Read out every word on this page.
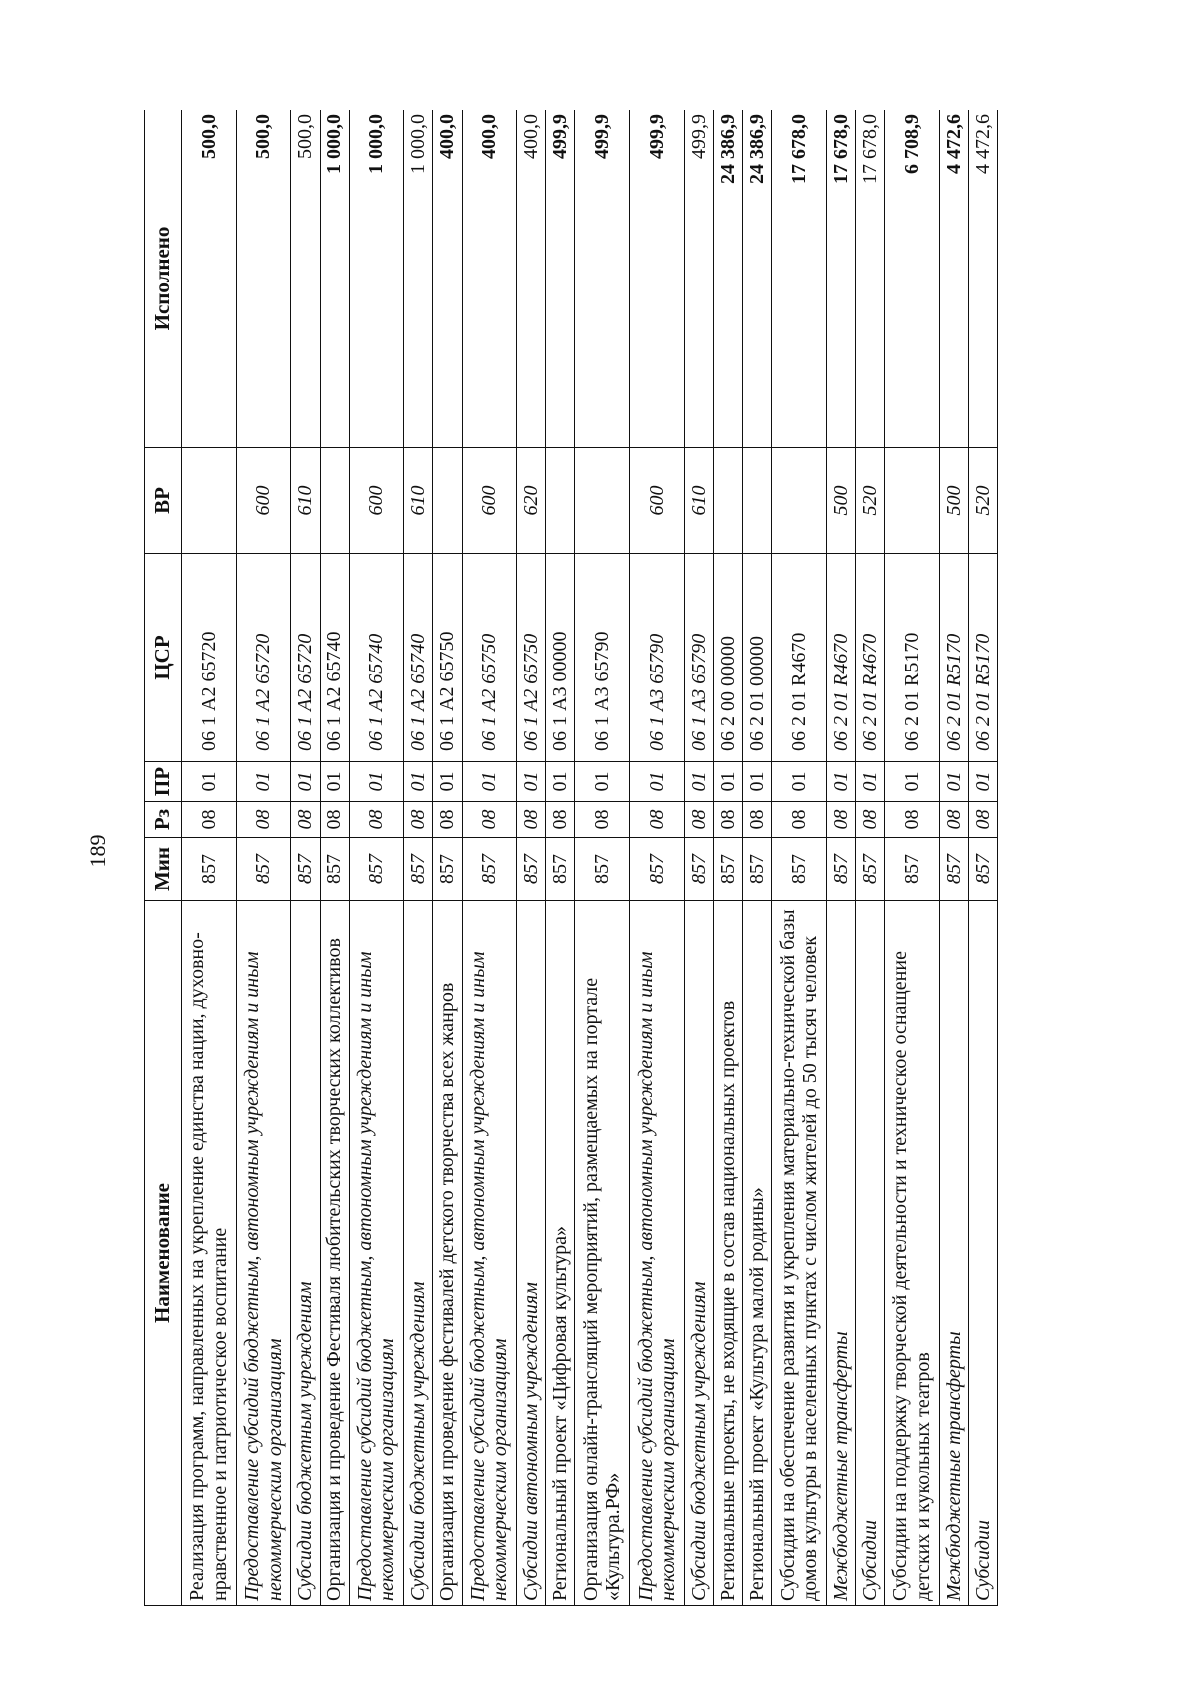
189
Наименование	Мин	Рз	ПР	ЦСР	ВР	Исполнено
Реализация программ, направленных на укрепление единства нации, духовно-нравственное и патриотическое воспитание	857	08	01	06 1 А2 65720		500,0
Предоставление субсидий бюджетным, автономным учреждениям и иным некоммерческим организациям	857	08	01	06 1 А2 65720	600	500,0
Субсидии бюджетным учреждениям	857	08	01	06 1 А2 65720	610	500,0
Организация и проведение Фестиваля любительских творческих коллективов	857	08	01	06 1 А2 65740		1 000,0
Предоставление субсидий бюджетным, автономным учреждениям и иным некоммерческим организациям	857	08	01	06 1 А2 65740	600	1 000,0
Субсидии бюджетным учреждениям	857	08	01	06 1 А2 65740	610	1 000,0
Организация и проведение фестивалей детского творчества всех жанров	857	08	01	06 1 А2 65750		400,0
Предоставление субсидий бюджетным, автономным учреждениям и иным некоммерческим организациям	857	08	01	06 1 А2 65750	600	400,0
Субсидии автономным учреждениям	857	08	01	06 1 А2 65750	620	400,0
Региональный проект «Цифровая культура»	857	08	01	06 1 А3 00000		499,9
Организация онлайн-трансляций мероприятий, размещаемых на портале «Культура.РФ»	857	08	01	06 1 А3 65790		499,9
Предоставление субсидий бюджетным, автономным учреждениям и иным некоммерческим организациям	857	08	01	06 1 А3 65790	600	499,9
Субсидии бюджетным учреждениям	857	08	01	06 1 А3 65790	610	499,9
Региональные проекты, не входящие в состав национальных проектов	857	08	01	06 2 00 00000		24 386,9
Региональный проект «Культура малой родины»	857	08	01	06 2 01 00000		24 386,9
Субсидии на обеспечение развития и укрепления материально-технической базы домов культуры в населенных пунктах с числом жителей до 50 тысяч человек	857	08	01	06 2 01 R4670		17 678,0
Межбюджетные трансферты	857	08	01	06 2 01 R4670	500	17 678,0
Субсидии	857	08	01	06 2 01 R4670	520	17 678,0
Субсидии на поддержку творческой деятельности и техническое оснащение детских и кукольных театров	857	08	01	06 2 01 R5170		6 708,9
Межбюджетные трансферты	857	08	01	06 2 01 R5170	500	4 472,6
Субсидии	857	08	01	06 2 01 R5170	520	4 472,6
